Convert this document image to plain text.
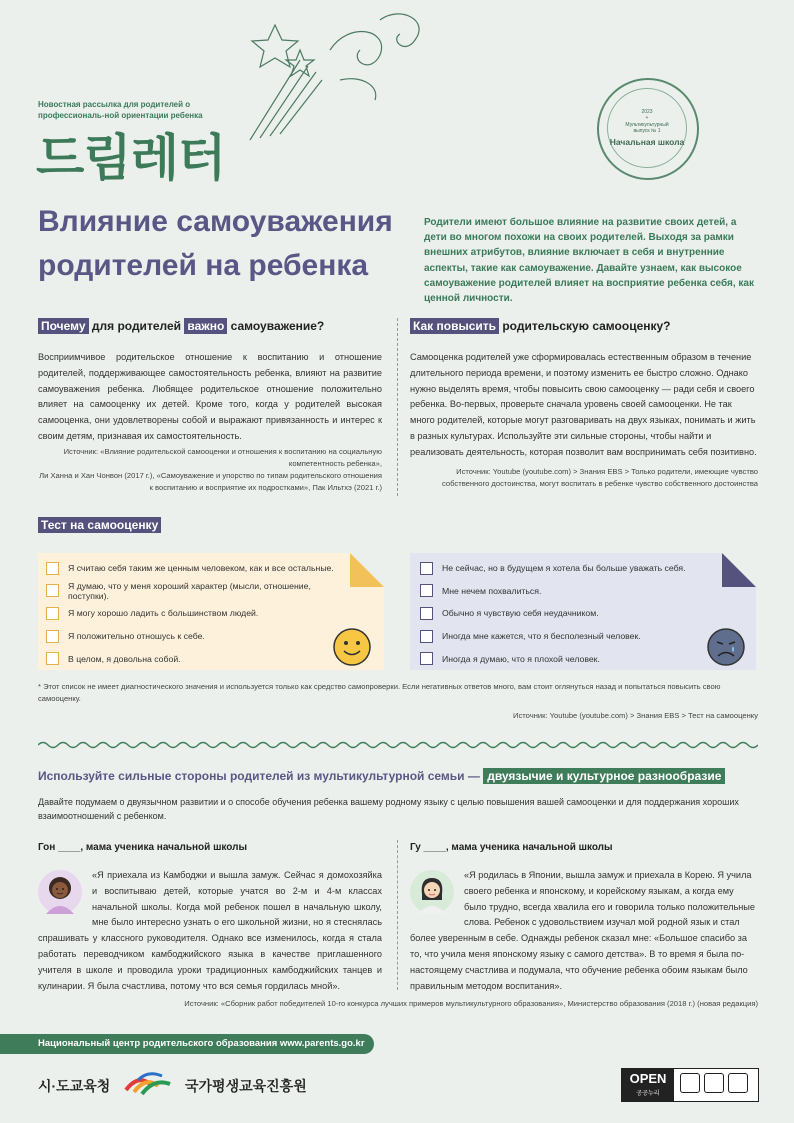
Новостная рассылка для родителей о профессиональ-ной ориентации ребенка
드림레터
2023
+
Мультикультурный
выпуск № 1
Начальная школа
Влияние самоуважения родителей на ребенка
Родители имеют большое влияние на развитие своих детей, а дети во многом похожи на своих родителей. Выходя за рамки внешних атрибутов, влияние включает в себя и внутренние аспекты, такие как самоуважение. Давайте узнаем, как высокое самоуважение родителей влияет на восприятие ребенка себя, как ценной личности.
Почему для родителей важно самоуважение?
Восприимчивое родительское отношение к воспитанию и отношение родителей, поддерживающее самостоятельность ребенка, влияют на развитие самоуважения ребенка. Любящее родительское отношение положительно влияет на самооценку их детей. Кроме того, когда у родителей высокая самооценка, они удовлетворены собой и выражают привязанность и интерес к своим детям, признавая их самостоятельность.
Источник: «Влияние родительской самооценки и отношения к воспитанию на социальную компетентность ребенка»,
Ли Ханна и Хан Чонвон (2017 г.), «Самоуважение и упорство по типам родительского отношения к воспитанию и восприятие их подростками», Пак Ильтхэ (2021 г.)
Как повысить родительскую самооценку?
Самооценка родителей уже сформировалась естественным образом в течение длительного периода времени, и поэтому изменить ее быстро сложно. Однако нужно выделять время, чтобы повысить свою самооценку — ради себя и своего ребенка. Во-первых, проверьте сначала уровень своей самооценки. Не так много родителей, которые могут разговаривать на двух языках, понимать и жить в разных культурах. Используйте эти сильные стороны, чтобы найти и реализовать деятельность, которая позволит вам воспринимать себя позитивно.
Источник: Youtube (youtube.com) > Знания EBS > Только родители, имеющие чувство собственного достоинства, могут воспитать в ребенке чувство собственного достоинства
Тест на самооценку
Я считаю себя таким же ценным человеком, как и все остальные.
Я думаю, что у меня хороший характер (мысли, отношение, поступки).
Я могу хорошо ладить с большинством людей.
Я положительно отношусь к себе.
В целом, я довольна собой.
Не сейчас, но в будущем я хотела бы больше уважать себя.
Мне нечем похвалиться.
Обычно я чувствую себя неудачником.
Иногда мне кажется, что я бесполезный человек.
Иногда я думаю, что я плохой человек.
* Этот список не имеет диагностического значения и используется только как средство самопроверки. Если негативных ответов много, вам стоит оглянуться назад и попытаться повысить свою самооценку.
Источник: Youtube (youtube.com) > Знания EBS > Тест на самооценку
Используйте сильные стороны родителей из мультикультурной семьи — двуязычие и культурное разнообразие
Давайте подумаем о двуязычном развитии и о способе обучения ребенка вашему родному языку с целью повышения вашей самооценки и для поддержания хороших взаимоотношений с ребенком.
Гон ____, мама ученика начальной школы	Гу ____, мама ученика начальной школы
«Я приехала из Камбоджи и вышла замуж. Сейчас я домохозяйка и воспитываю детей, которые учатся во 2-м и 4-м классах начальной школы. Когда мой ребенок пошел в начальную школу, мне было интересно узнать о его школьной жизни, но я стеснялась спрашивать у классного руководителя. Однако все изменилось, когда я стала работать переводчиком камбоджийского языка в качестве приглашенного учителя в школе и проводила уроки традиционных камбоджийских танцев и кулинарии. Я была счастлива, потому что вся семья гордилась мной».
«Я родилась в Японии, вышла замуж и приехала в Корею. Я учила своего ребенка и японскому, и корейскому языкам, а когда ему было трудно, всегда хвалила его и говорила только положительные слова. Ребенок с удовольствием изучал мой родной язык и стал более уверенным в себе. Однажды ребенок сказал мне: «Большое спасибо за то, что учила меня японскому языку с самого детства». В то время я была по-настоящему счастлива и подумала, что обучение ребенка обоим языкам было правильным методом воспитания».
Источник: «Сборник работ победителей 10-го конкурса лучших примеров мультикультурного образования», Министерство образования (2018 г.) (новая редакция)
Национальный центр родительского образования www.parents.go.kr
시·도교육청	국가평생교육진흥원	OPEN
공공누리
